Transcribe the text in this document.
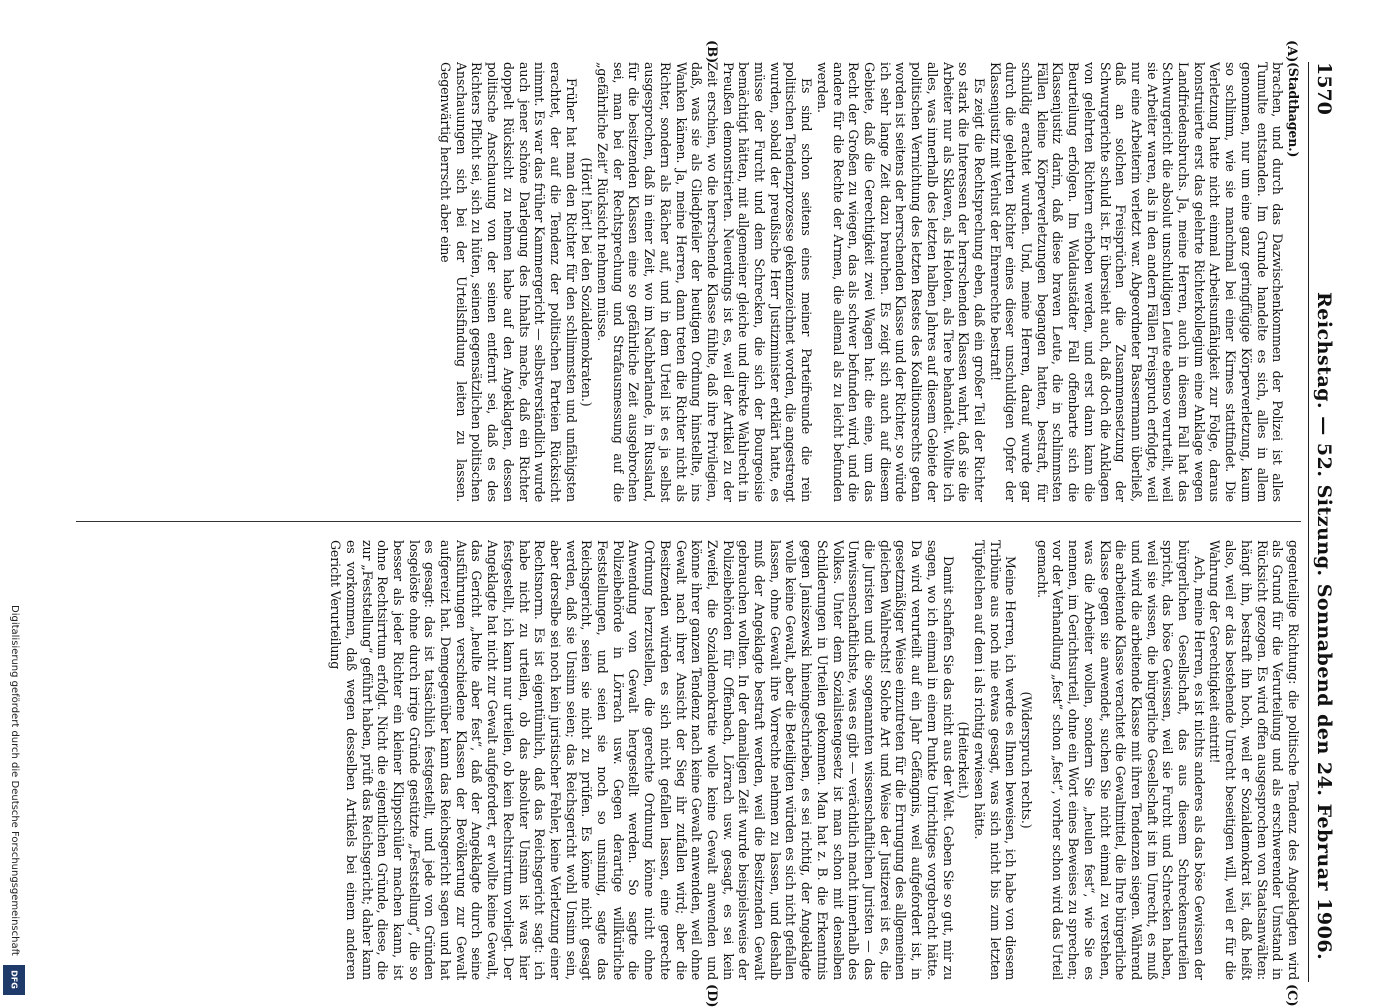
1570
Reichstag. — 52. Sitzung. Sonnabend den 24. Februar 1906.
(A)
(B)
(C)
(D)

(Stadthagen.)

brachen, und durch das Dazwischenkommen der Polizei ist alles Tumulte entstanden. Im Grunde handelte es sich, alles in allem genommen, nur um eine ganz geringfügige Körperverletzung, kaum so schlimm, wie sie manchmal bei einer Kirmes stattfindet. Die Verletzung hatte nicht einmal Arbeitsunfähigkeit zur Folge, daraus konstruierte erst das gelehrte Richterkollegium eine Anklage wegen Landfriedensbruchs. Ja, meine Herren, auch in diesem Fall hat das Schwurgericht die absolut unschuldigen Leute ebenso verurteilt, weil sie Arbeiter waren, als in den andern Fällen Freispruch erfolgte, weil nur eine Arbeiterin verletzt war. Abgeordneter Bassermann überließ, daß an solchen Freisprüchen die Zusammensetzung der Schwurgerichte schuld ist. Er übersieht auch, daß doch die Anklagen von gelehrten Richtern erhoben werden, und erst dann kann die Beurteilung erfolgen. Im Waldaustädter Fall offenbarte sich die Klassenjustiz darin, daß diese braven Leute, die in schlimmsten Fällen kleine Körperverletzungen begangen hatten, bestraft, für schuldig erachtet wurden. Und, meine Herren, darauf wurde gar durch die gelehrten Richter eines dieser unschuldigen Opfer der Klassenjustiz mit Verlust der Ehrenrechte bestraft!

Es zeigt die Rechtsprechung eben, daß ein großer Teil der Richter so stark die Interessen der herrschenden Klassen wahrt, daß sie die Arbeiter nur als Sklaven, als Heloten, als Tiere behandelt. Wollte ich alles, was innerhalb des letzten halben Jahres auf diesem Gebiete der politischen Vernichtung des letzten Restes des Koalitionsrechts getan worden ist seitens der herrschenden Klasse und der Richter, so würde ich sehr lange Zeit dazu brauchen. Es zeigt sich auch auf diesem Gebiete, daß die Gerechtigkeit zwei Wagen hat: die eine, um das Recht der Großen zu wiegen, das als schwer befunden wird, und die andere für die Rechte der Armen, die allemal als zu leicht befunden werden.

Es sind schon seitens eines meiner Parteifreunde die rein politischen Tendenzprozesse gekennzeichnet worden, die angestrengt wurden, sobald der preußische Herr Justizminister erklärt hatte, es müsse der Furcht und dem Schrecken, die sich der Bourgeoisie bemächtigt hätten, mit allgemeiner gleiche und direkte Wahlrecht in Preußen demonstrierten. Neuerdings ist es, weil der Artikel zu der Zeit erschien, wo die herrschende Klasse fühlte, daß ihre Privilegien, daß, was sie als Gliedpfeiler der heutigen Ordnung hinstellte, ins Wanken kämen. Ja, meine Herren, dann treten die Richter nicht als Richter, sondern als Rächer auf, und in dem Urteil ist es ja selbst ausgesprochen, daß in einer Zeit, wo im Nachbarlande, in Russland, für die besitzenden Klassen eine so gefährliche Zeit ausgebrochen sei, man bei der Rechtsprechung und Strafausmessung auf die „gefährliche Zeit“ Rücksicht nehmen müsse.

(Hört! hört! bei den Sozialdemokraten.)

Früher hat man den Richter für den schlimmsten und unfähigsten erachtet, der auf die Tendenz der politischen Parteien Rücksicht nimmt. Es war das früher Kammergericht — selbstverständlich wurde auch jener schöne Darlegung des Inhalts mache, daß ein Richter doppelt Rücksicht zu nehmen habe auf den Angeklagten, dessen politische Anschauung von der seinen entfernt sei, daß es des Richters Pflicht sei, sich zu hüten, seinen gegensätzlichen politischen Anschauungen sich bei der Urteilsfindung leiten zu lassen. Gegenwärtig herrscht aber eine

gegenteilige Richtung: die politische Tendenz des Angeklagten wird als Grund für die Verurteilung und als erschwerender Umstand in Rücksicht gezogen. Es wird offen ausgesprochen von Staatsanwälten: hängt ihn, bestraft ihn hoch, weil er Sozialdemokrat ist, daß heißt also, weil er das bestehende Unrecht beseitigen will, weil er für die Wahrung der Gerechtigkeit eintritt!

Ach, meine Herren, es ist nichts anderes als das böse Gewissen der bürgerlichen Gesellschaft, das aus diesem Schreckensurteilen spricht, das böse Gewissen, weil sie Furcht und Schrecken haben, weil sie wissen, die bürgerliche Gesellschaft ist im Unrecht, es muß und wird die arbeitende Klasse mit ihren Tendenzen siegen. Während die arbeitende Klasse verachtet die Gewaltmittel, die Ihre bürgerliche Klasse gegen sie anwendet, suchen Sie nicht einmal zu verstehen, was die Arbeiter wollen, sondern Sie „heulen fest“, wie Sie es nennen, im Gerichtsurteil, ohne ein Wort eines Beweises zu sprechen; vor der Verhandlung „fest“ schon „fest“, vorher schon wird das Urteil gemacht.

(Widerspruch rechts.)

Meine Herren, ich werde es Ihnen beweisen, ich habe von diesem Tribüne aus noch nie etwas gesagt, was sich nicht bis zum letzten Tüpfelchen auf dem i als richtig erwiesen hätte.

(Heiterkeit.)

Damit schaffen Sie das nicht aus der Welt. Geben Sie so gut, mir zu sagen, wo ich einmal in einem Punkte Unrichtiges vorgebracht hätte. Da wird verurteilt auf ein Jahr Gefängnis, weil aufgefordert ist, in gesetzmäßiger Weise einzutreten für die Errungung des allgemeinen gleichen Wahlrechts! Solche Art und Weise der Justizerei ist es, die die Juristen und die sogenannten wissenschaftlichen Juristen — das Unwissenschaftlichste, was es gibt — verächtlich macht innerhalb des Volkes. Unter dem Sozialistengesetz ist man schon mit denselben Schilderungen in Urteilen gekommen. Man hat z. B. die Erkenntnis gegen Janiszewski hineingeschrieben, es sei richtig, der Angeklagte wolle keine Gewalt, aber die Beteiligten würden es sich nicht gefallen lassen, ohne Gewalt ihre Vorrechte nehmen zu lassen, und deshalb muß der Angeklagte bestraft werden, weil die Besitzenden Gewalt gebrauchen wollten. In der damaligen Zeit wurde beispielsweise der Polizeibehörden für Offenbach, Lörrach usw. gesagt, es sei kein Zweifel, die Sozialdemokratie wolle keine Gewalt anwenden und könne ihrer ganzen Tendenz nach keine Gewalt anwenden, weil ohne Gewalt nach ihrer Ansicht der Sieg ihr zufallen wird; aber die Besitzenden würden es sich nicht gefallen lassen, eine gerechte Ordnung herzustellen, die gerechte Ordnung könne nicht ohne Anwendung von Gewalt hergestellt werden. So sagte die Polizeibehörde in Lörrach usw. Gegen derartige willkürliche Feststellungen, und seien sie noch so unsinnig, sagte das Reichsgericht, seien sie nicht zu prüfen. Es könne nicht gesagt werden, daß sie Unsinn seien; das Reichsgericht wohl Unsinn sein, aber derselbe sei noch kein juristischer Fehler, keine Verletzung einer Rechtsnorm. Es ist eigentümlich, daß das Reichsgericht sagt: ich habe nicht zu urteilen, ob das absoluter Unsinn ist was hier festgestellt, ich kann nur urteilen, ob kein Rechtsirrtum vorliegt. Der Angeklagte hat nicht zur Gewalt aufgefordert, er wollte keine Gewalt, das Gericht „heulte aber fest“, daß der Angeklagte durch seine Ausführungen verschiedene Klassen der Bevölkerung zur Gewalt aufgereizt hat. Demgegenüber kann das Reichsgericht sagen und hat es gesagt: das ist tatsächlich festgestellt, und jede von Gründen losgelöste ohne durch irrige Gründe gestützte „Feststellung“, die so besser als jeder Richter ein kleiner Klippschüler machen kann, ist ohne Rechtsirrtum erfolgt. Nicht die eigentlichen Gründe, diese, die zur „Feststellung“ geführt haben, prüft das Reichsgericht; daher kann es vorkommen, daß wegen desselben Artikels bei einem anderen Gericht Verurteilung

Digitalisierung gefördert durch die Deutsche Forschungsgemeinschaft
DFG
